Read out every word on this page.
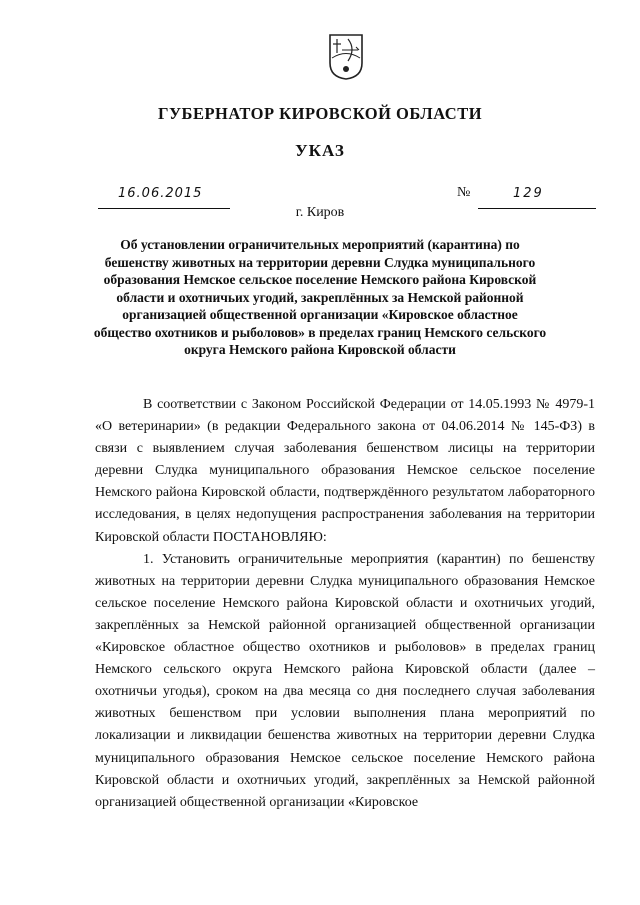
ГУБЕРНАТОР КИРОВСКОЙ ОБЛАСТИ
УКАЗ
16.06.2015	№	129
г. Киров
Об установлении ограничительных мероприятий (карантина) по бешенству животных на территории деревни Слудка муниципального образования Немское сельское поселение Немского района Кировской области и охотничьих угодий, закреплённых за Немской районной организацией общественной организации «Кировское областное общество охотников и рыболовов» в пределах границ Немского сельского округа Немского района Кировской области

В соответствии с Законом Российской Федерации от 14.05.1993 № 4979-1 «О ветеринарии» (в редакции Федерального закона от 04.06.2014 № 145-ФЗ) в связи с выявлением случая заболевания бешенством лисицы на территории деревни Слудка муниципального образования Немское сельское поселение Немского района Кировской области, подтверждённого результатом лабораторного исследования, в целях недопущения распространения заболевания на территории Кировской области ПОСТАНОВЛЯЮ:

1. Установить ограничительные мероприятия (карантин) по бешенству животных на территории деревни Слудка муниципального образования Немское сельское поселение Немского района Кировской области и охотничьих угодий, закреплённых за Немской районной организацией общественной организации «Кировское областное общество охотников и рыболовов» в пределах границ Немского сельского округа Немского района Кировской области (далее – охотничьи угодья), сроком на два месяца со дня последнего случая заболевания животных бешенством при условии выполнения плана мероприятий по локализации и ликвидации бешенства животных на территории деревни Слудка муниципального образования Немское сельское поселение Немского района Кировской области и охотничьих угодий, закреплённых за Немской районной организацией общественной организации «Кировское
